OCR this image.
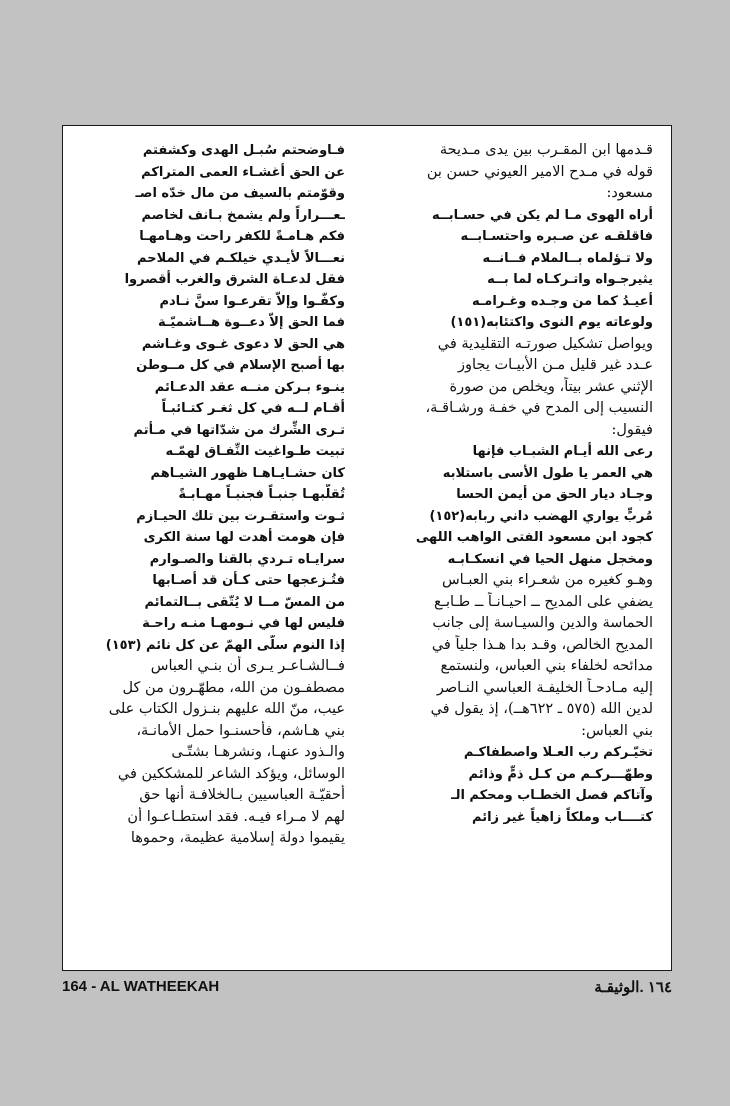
قـدمها ابن المقـرب بين يدى مـديحة
قوله في مـدح الامير العيوني حسن بن
مسعود:
أراه الهوى مـا لم يكن في حسـابــه
فاقلقـه عن صـبره واحتسـابــه
ولا تـؤلماه بــالملام فــانــه
يثيرجـواه واتـركـاه لما بــه
أعيـدُ كما من وجـده وغـرامـه
ولوعاته يوم النوى واكتئابه(١٥١)
ويواصل تشكيل صورتـه التقليدية في
عـدد غير قليل مـن الأبيـات يجاوز
الإثني عشر بيتاً، ويخلص من صورة
النسيب إلى المدح في خفـة ورشـاقـة،
فيقول:
رعى الله أيـام الشبـاب فإنها
هي العمر يا طول الأسى باستلابه
وجـاد ديار الحق من أيمن الحسا
مُربٍّ يواري الهضب داني ربابه(١٥٢)
كجود ابن مسعود الفتى الواهب اللهى
ومخجل منهل الحيا في انسكـابـه
وهـو كغيره من شعـراء بني العبـاس
يضفي على المديح ــ احيـانـاً ــ طـابـع
الحماسة والدين والسيـاسة إلى جانب
المديح الخالص، وقـد بدا هـذا جلياً في
مدائحه لخلفاء بني العباس، ولنستمع
إليه مـادحـاً الخليفـة العباسي النـاصر
لدين الله (٥٧٥ ـ ٦٢٢هــ)، إذ يقول في
بني العباس:
تخيّـركم رب العـلا واصطفاكـم
وطهّـــركـم من كـل ذمٍّ وذائم
وآتاكم فصل الخطـاب ومحكم الـ
كتــــاب وملكاً زاهياً غير زائم
فـاوضحتم سُبـل الهدى وكشفتم
عن الحق أغشـاء العمى المتراكم
وقوّمتم بالسيف من مال خدّه اصـ
ـعـــراراً ولم يشمخ بـانف لخاصم
فكم هـامـةً للكفر راحت وهـامهـا
نعـــالاً لأيـدي خيلكـم في الملاحم
فقل لدعـاة الشرق والغرب أقصروا
وكفّـوا وإلاّ تقرعـوا سنَّ نـادم
فما الحق إلاّ دعــوة هــاشميّـة
هي الحق لا دعوى غـوى وغـاشم
بها أصبح الإسلام في كل مــوطن
ينـوء بـركن منــه عقد الدعـائم
أقـام لــه في كل ثغـر كتـائبـاً
تـرى الشِّرك من شدّاتها في مـأتم
تبيت طـواغيت النِّفـاق لهمّـه
كان حشـايـاهـا ظهور الشيـاهم
تُقلّبهـا جنبـاً فجنبـاً مهـابـةً
ثـوت واستقـرت بين تلك الحيـازم
فإن هومت أهدت لها سنة الكرى
سرايـاه تـردي بالقنا والصـوارم
فتُـزعجها حتى كـأن قد أصـابها
من المسّ مــا لا يُتّقى بــالتمائم
فليس لها في نـومهـا منـه راحـة
إذا النوم سلّى الهمّ عن كل نائم (١٥٣)
فــالشـاعـر يـرى أن بنـي العباس
مصطفـون من الله، مطهّـرون من كل
عيب، منّ الله عليهم بنـزول الكتاب على
بني هـاشم، فأحسنـوا حمل الأمانـة،
والـذود عنهـا، ونشرهـا بشتّـى
الوسائل، ويؤكد الشاعر للمشككين في
أحقيّـة العباسيين بـالخلافـة أنها حق
لهم لا مـراء فيـه. فقد استطـاعـوا أن
يقيموا دولة إسلامية عظيمة، وحموها
164 - AL WATHEEKAH	١٦٤ .الوثيقـة
